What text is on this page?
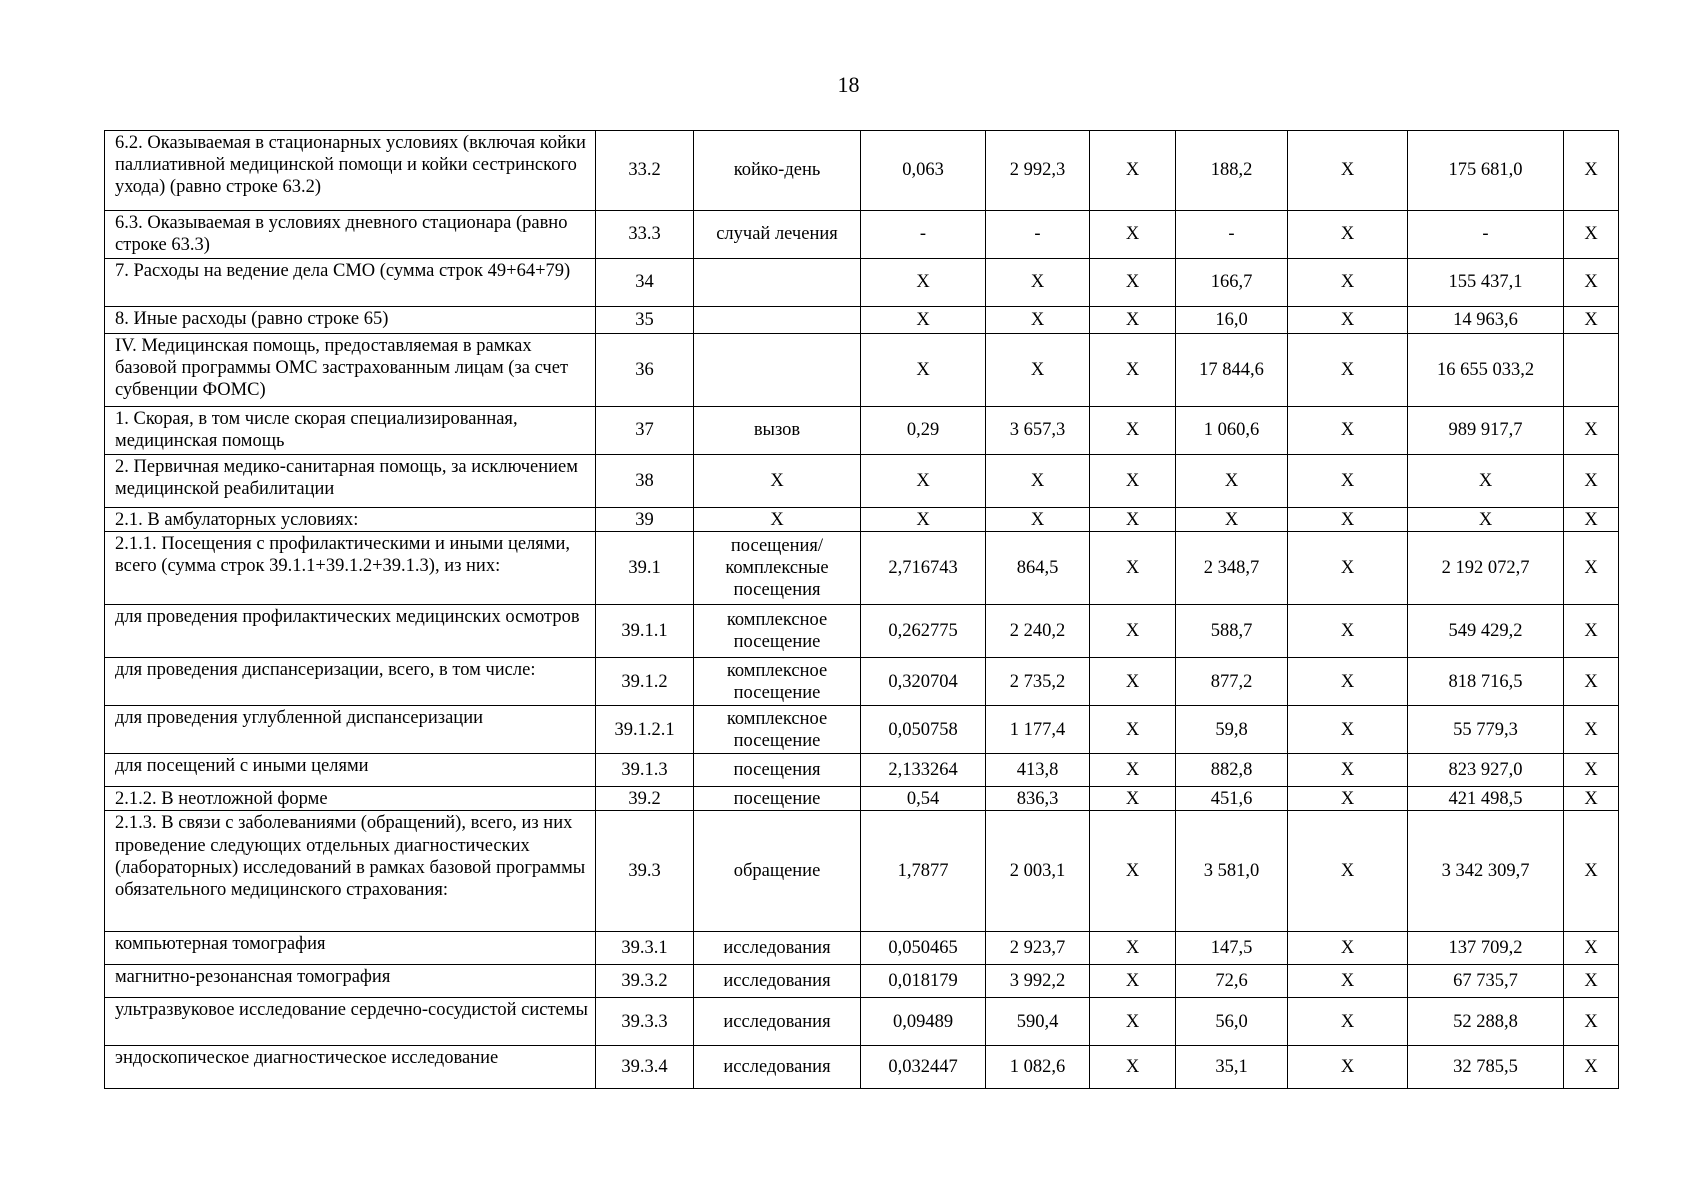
18
6.2. Оказываемая в стационарных условиях (включая койки паллиативной медицинской помощи и койки сестринского ухода) (равно строке 63.2)	33.2	койко-день	0,063	2 992,3	X	188,2	X	175 681,0	X
6.3. Оказываемая в условиях дневного стационара (равно строке 63.3)	33.3	случай лечения	-	-	X	-	X	-	X
7. Расходы на ведение дела СМО (сумма строк 49+64+79)	34		X	X	X	166,7	X	155 437,1	X
8. Иные расходы (равно строке 65)	35		X	X	X	16,0	X	14 963,6	X
IV. Медицинская помощь, предоставляемая в рамках базовой программы ОМС застрахованным лицам (за счет субвенции ФОМС)	36		X	X	X	17 844,6	X	16 655 033,2	
1. Скорая, в том числе скорая специализированная, медицинская помощь	37	вызов	0,29	3 657,3	X	1 060,6	X	989 917,7	X
2. Первичная медико-санитарная помощь, за исключением медицинской реабилитации	38	X	X	X	X	X	X	X	X
2.1. В амбулаторных условиях:	39	X	X	X	X	X	X	X	X
2.1.1. Посещения с профилактическими и иными целями, всего (сумма строк 39.1.1+39.1.2+39.1.3), из них:	39.1	посещения/ комплексные посещения	2,716743	864,5	X	2 348,7	X	2 192 072,7	X
для проведения профилактических медицинских осмотров	39.1.1	комплексное посещение	0,262775	2 240,2	X	588,7	X	549 429,2	X
для проведения диспансеризации, всего, в том числе:	39.1.2	комплексное посещение	0,320704	2 735,2	X	877,2	X	818 716,5	X
для проведения углубленной диспансеризации	39.1.2.1	комплексное посещение	0,050758	1 177,4	X	59,8	X	55 779,3	X
для посещений с иными целями	39.1.3	посещения	2,133264	413,8	X	882,8	X	823 927,0	X
2.1.2. В неотложной форме	39.2	посещение	0,54	836,3	X	451,6	X	421 498,5	X
2.1.3. В связи с заболеваниями (обращений), всего, из них проведение следующих отдельных диагностических (лабораторных) исследований в рамках базовой программы обязательного медицинского страхования:	39.3	обращение	1,7877	2 003,1	X	3 581,0	X	3 342 309,7	X
компьютерная томография	39.3.1	исследования	0,050465	2 923,7	X	147,5	X	137 709,2	X
магнитно-резонансная томография	39.3.2	исследования	0,018179	3 992,2	X	72,6	X	67 735,7	X
ультразвуковое исследование сердечно-сосудистой системы	39.3.3	исследования	0,09489	590,4	X	56,0	X	52 288,8	X
эндоскопическое диагностическое исследование	39.3.4	исследования	0,032447	1 082,6	X	35,1	X	32 785,5	X
